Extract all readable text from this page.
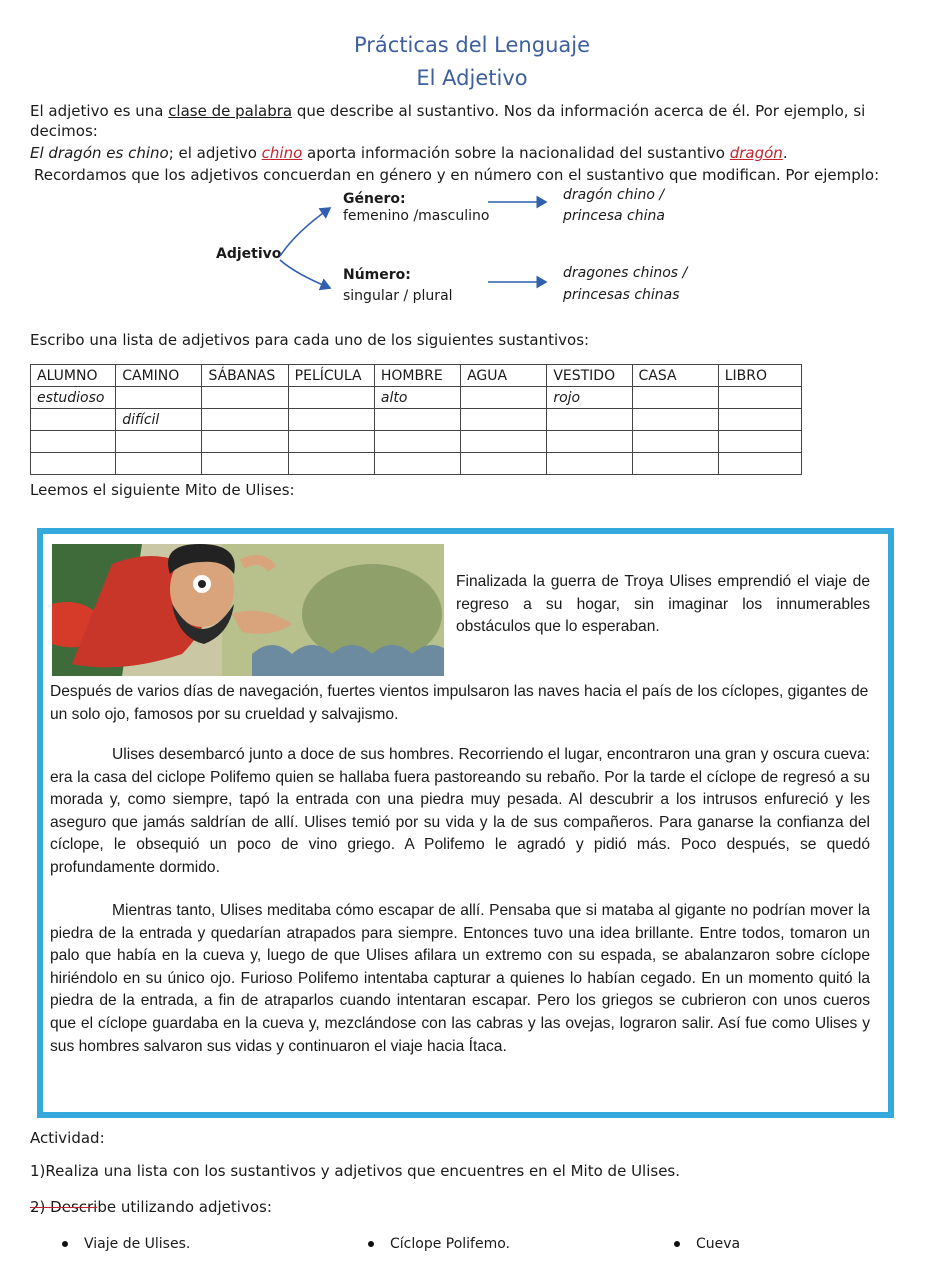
Prácticas del Lenguaje
El Adjetivo
El adjetivo es una clase de palabra que describe al sustantivo. Nos da información acerca de él. Por ejemplo, si
decimos:
El dragón es chino; el adjetivo chino aporta información sobre la nacionalidad del sustantivo dragón.
Recordamos que los adjetivos concuerdan en género y en número con el sustantivo que modifican. Por ejemplo:
Género:
femenino /masculino
dragón chino /
princesa china
Adjetivo
Número:
singular / plural
dragones chinos /
princesas chinas
Escribo una lista de adjetivos para cada uno de los siguientes sustantivos:
ALUMNO	CAMINO	SÁBANAS	PELÍCULA	HOMBRE	AGUA	VESTIDO	CASA	LIBRO
estudioso				alto		rojo		
	difícil							

Leemos el siguiente Mito de Ulises:
Finalizada la guerra de Troya Ulises emprendió el viaje de regreso a su hogar, sin imaginar los innumerables obstáculos que lo esperaban.
Después de varios días de navegación, fuertes vientos impulsaron las naves hacia el país de los cíclopes, gigantes de un solo ojo, famosos por su crueldad y salvajismo.
Ulises desembarcó junto a doce de sus hombres. Recorriendo el lugar, encontraron una gran y oscura cueva: era la casa del ciclope Polifemo quien se hallaba fuera pastoreando su rebaño. Por la tarde el cíclope de regresó a su morada y, como siempre, tapó la entrada con una piedra muy pesada. Al descubrir a los intrusos enfureció y les aseguro que jamás saldrían de allí. Ulises temió por su vida y la de sus compañeros. Para ganarse la confianza del cíclope, le obsequió un poco de vino griego. A Polifemo le agradó y pidió más. Poco después, se quedó profundamente dormido.
Mientras tanto, Ulises meditaba cómo escapar de allí. Pensaba que si mataba al gigante no podrían mover la piedra de la entrada y quedarían atrapados para siempre. Entonces tuvo una idea brillante. Entre todos, tomaron un palo que había en la cueva y, luego de que Ulises afilara un extremo con su espada, se abalanzaron sobre cíclope hiriéndolo en su único ojo. Furioso Polifemo intentaba capturar a quienes lo habían cegado. En un momento quitó la piedra de la entrada, a fin de atraparlos cuando intentaran escapar. Pero los griegos se cubrieron con unos cueros que el cíclope guardaba en la cueva y, mezclándose con las cabras y las ovejas, lograron salir. Así fue como Ulises y sus hombres salvaron sus vidas y continuaron el viaje hacia Ítaca.
Actividad:
1)Realiza una lista con los sustantivos y adjetivos que encuentres en el Mito de Ulises.
2) Describe utilizando adjetivos:
Viaje de Ulises.	Cíclope Polifemo.	Cueva
